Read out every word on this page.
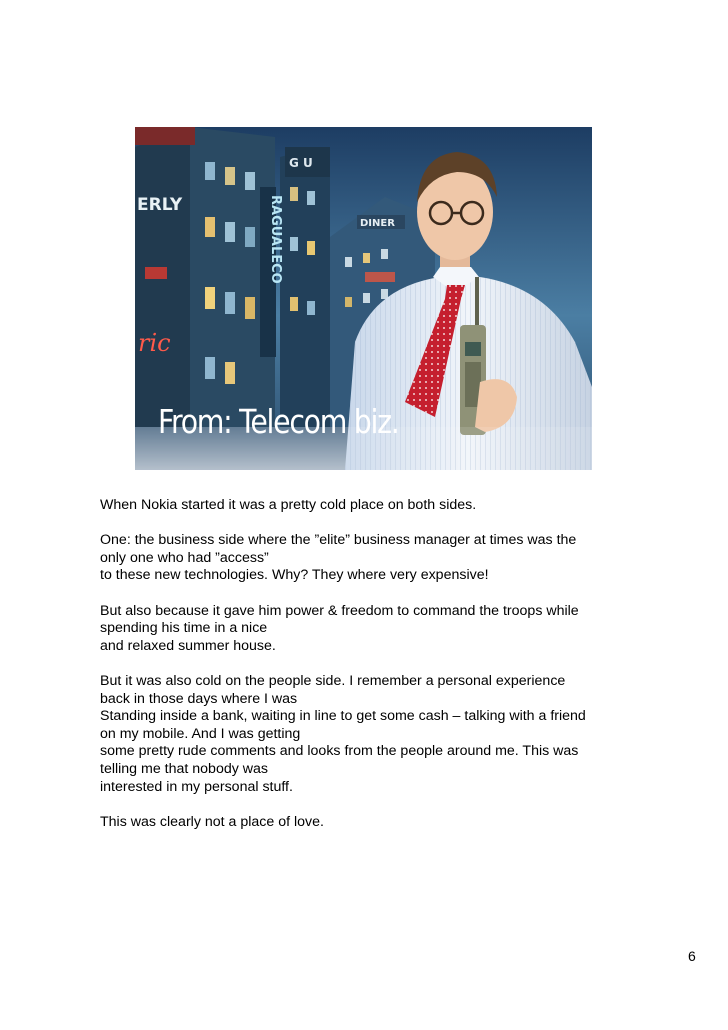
ERLY
ric
G U
RAGUALECO	DINER
From: Telecom biz.

When Nokia started it was a pretty cold place on both sides.

One: the business side where the ”elite” business manager at times was the
only one who had ”access”
to these new technologies. Why? They where very expensive!

But also because it gave him power & freedom to command the troops while
spending his time in a nice
and relaxed summer house.

But it was also cold on the people side. I remember a personal experience
back in those days where I was
Standing inside a bank, waiting in line to get some cash – talking with a friend
on my mobile. And I was getting
some pretty rude comments and looks from the people around me. This was
telling me that nobody was
interested in my personal stuff.

This was clearly not a place of love.

6
